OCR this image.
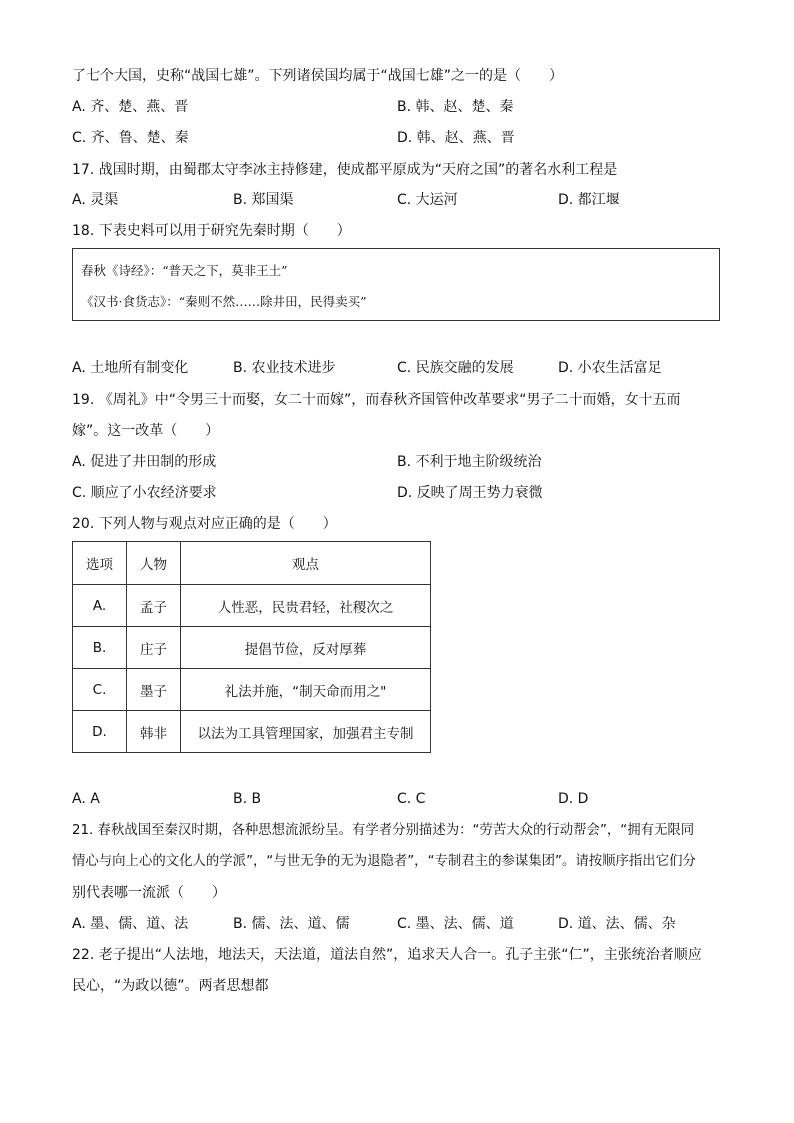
了七个大国，史称“战国七雄”。下列诸侯国均属于“战国七雄”之一的是（　　）
A. 齐、楚、燕、晋	B. 韩、赵、楚、秦
C. 齐、鲁、楚、秦	D. 韩、赵、燕、晋
17. 战国时期，由蜀郡太守李冰主持修建，使成都平原成为“天府之国”的著名水利工程是
A. 灵渠	B. 郑国渠	C. 大运河	D. 都江堰
18. 下表史料可以用于研究先秦时期（　　）
春秋《诗经》：“普天之下，莫非王土”
《汉书·食货志》：“秦则不然……除井田，民得卖买”
A. 土地所有制变化	B. 农业技术进步	C. 民族交融的发展	D. 小农生活富足
19. 《周礼》中“令男三十而娶，女二十而嫁”，而春秋齐国管仲改革要求“男子二十而婚，女十五而
嫁”。这一改革（　　）
A. 促进了井田制的形成	B. 不利于地主阶级统治
C. 顺应了小农经济要求	D. 反映了周王势力衰微
20. 下列人物与观点对应正确的是（　　）
选项	人物	观点
A.	孟子	人性恶，民贵君轻，社稷次之
B.	庄子	提倡节俭，反对厚葬
C.	墨子	礼法并施，“制天命而用之"
D.	韩非	以法为工具管理国家，加强君主专制
A. A	B. B	C. C	D. D
21. 春秋战国至秦汉时期，各种思想流派纷呈。有学者分别描述为：“劳苦大众的行动帮会”，“拥有无限同
情心与向上心的文化人的学派”，“与世无争的无为退隐者”，“专制君主的参谋集团”。请按顺序指出它们分
别代表哪一流派（　　）
A. 墨、儒、道、法	B. 儒、法、道、儒	C. 墨、法、儒、道	D. 道、法、儒、杂
22. 老子提出“人法地，地法天，天法道，道法自然”，追求天人合一。孔子主张“仁”，主张统治者顺应
民心，“为政以德”。两者思想都
